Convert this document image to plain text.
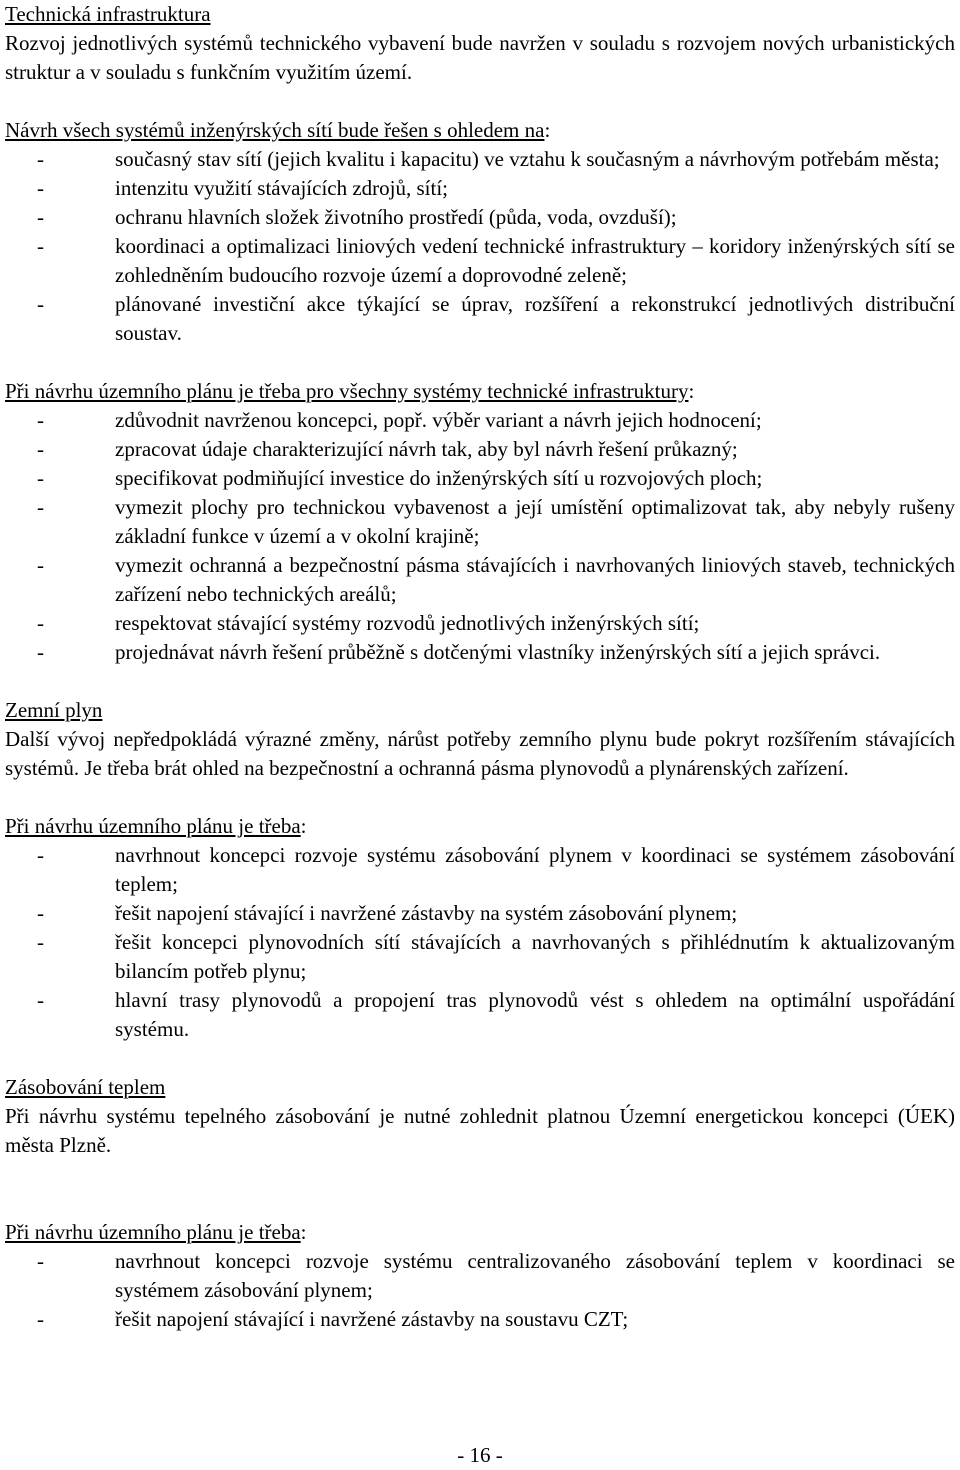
Technická infrastruktura

Rozvoj jednotlivých systémů technického vybavení bude navržen v souladu s rozvojem nových urbanistických struktur a v souladu s funkčním využitím území.

Návrh všech systémů inženýrských sítí bude řešen s ohledem na:

-	současný stav sítí (jejich kvalitu i kapacitu) ve vztahu k současným a návrhovým potřebám města;
-	intenzitu využití stávajících zdrojů, sítí;
-	ochranu hlavních složek životního prostředí (půda, voda, ovzduší);
-	koordinaci a optimalizaci liniových vedení technické infrastruktury – koridory inženýrských sítí se zohledněním budoucího rozvoje území a doprovodné zeleně;
-	plánované investiční akce týkající se úprav, rozšíření a rekonstrukcí jednotlivých distribuční soustav.

Při návrhu územního plánu je třeba pro všechny systémy technické infrastruktury:

-	zdůvodnit navrženou koncepci, popř. výběr variant a návrh jejich hodnocení;
-	zpracovat údaje charakterizující návrh tak, aby byl návrh řešení průkazný;
-	specifikovat podmiňující investice do inženýrských sítí u rozvojových ploch;
-	vymezit plochy pro technickou vybavenost a její umístění optimalizovat tak, aby nebyly rušeny základní funkce v území a v okolní krajině;
-	vymezit ochranná a bezpečnostní pásma stávajících i navrhovaných liniových staveb, technických zařízení nebo technických areálů;
-	respektovat stávající systémy rozvodů jednotlivých inženýrských sítí;
-	projednávat návrh řešení průběžně s dotčenými vlastníky inženýrských sítí a jejich správci.

Zemní plyn

Další vývoj nepředpokládá výrazné změny, nárůst potřeby zemního plynu bude pokryt rozšířením stávajících systémů. Je třeba brát ohled na bezpečnostní a ochranná pásma plynovodů a plynárenských zařízení.

Při návrhu územního plánu je třeba:

-	navrhnout koncepci rozvoje systému zásobování plynem v koordinaci se systémem zásobování teplem;
-	řešit napojení stávající i navržené zástavby na systém zásobování plynem;
-	řešit koncepci plynovodních sítí stávajících a navrhovaných s přihlédnutím k aktualizovaným bilancím potřeb plynu;
-	hlavní trasy plynovodů a propojení tras plynovodů vést s ohledem na optimální uspořádání systému.

Zásobování teplem

Při návrhu systému tepelného zásobování je nutné zohlednit platnou Územní energetickou koncepci (ÚEK) města Plzně.

Při návrhu územního plánu je třeba:

-	navrhnout koncepci rozvoje systému centralizovaného zásobování teplem v koordinaci se systémem zásobování plynem;
-	řešit napojení stávající i navržené zástavby na soustavu CZT;
- 16 -
